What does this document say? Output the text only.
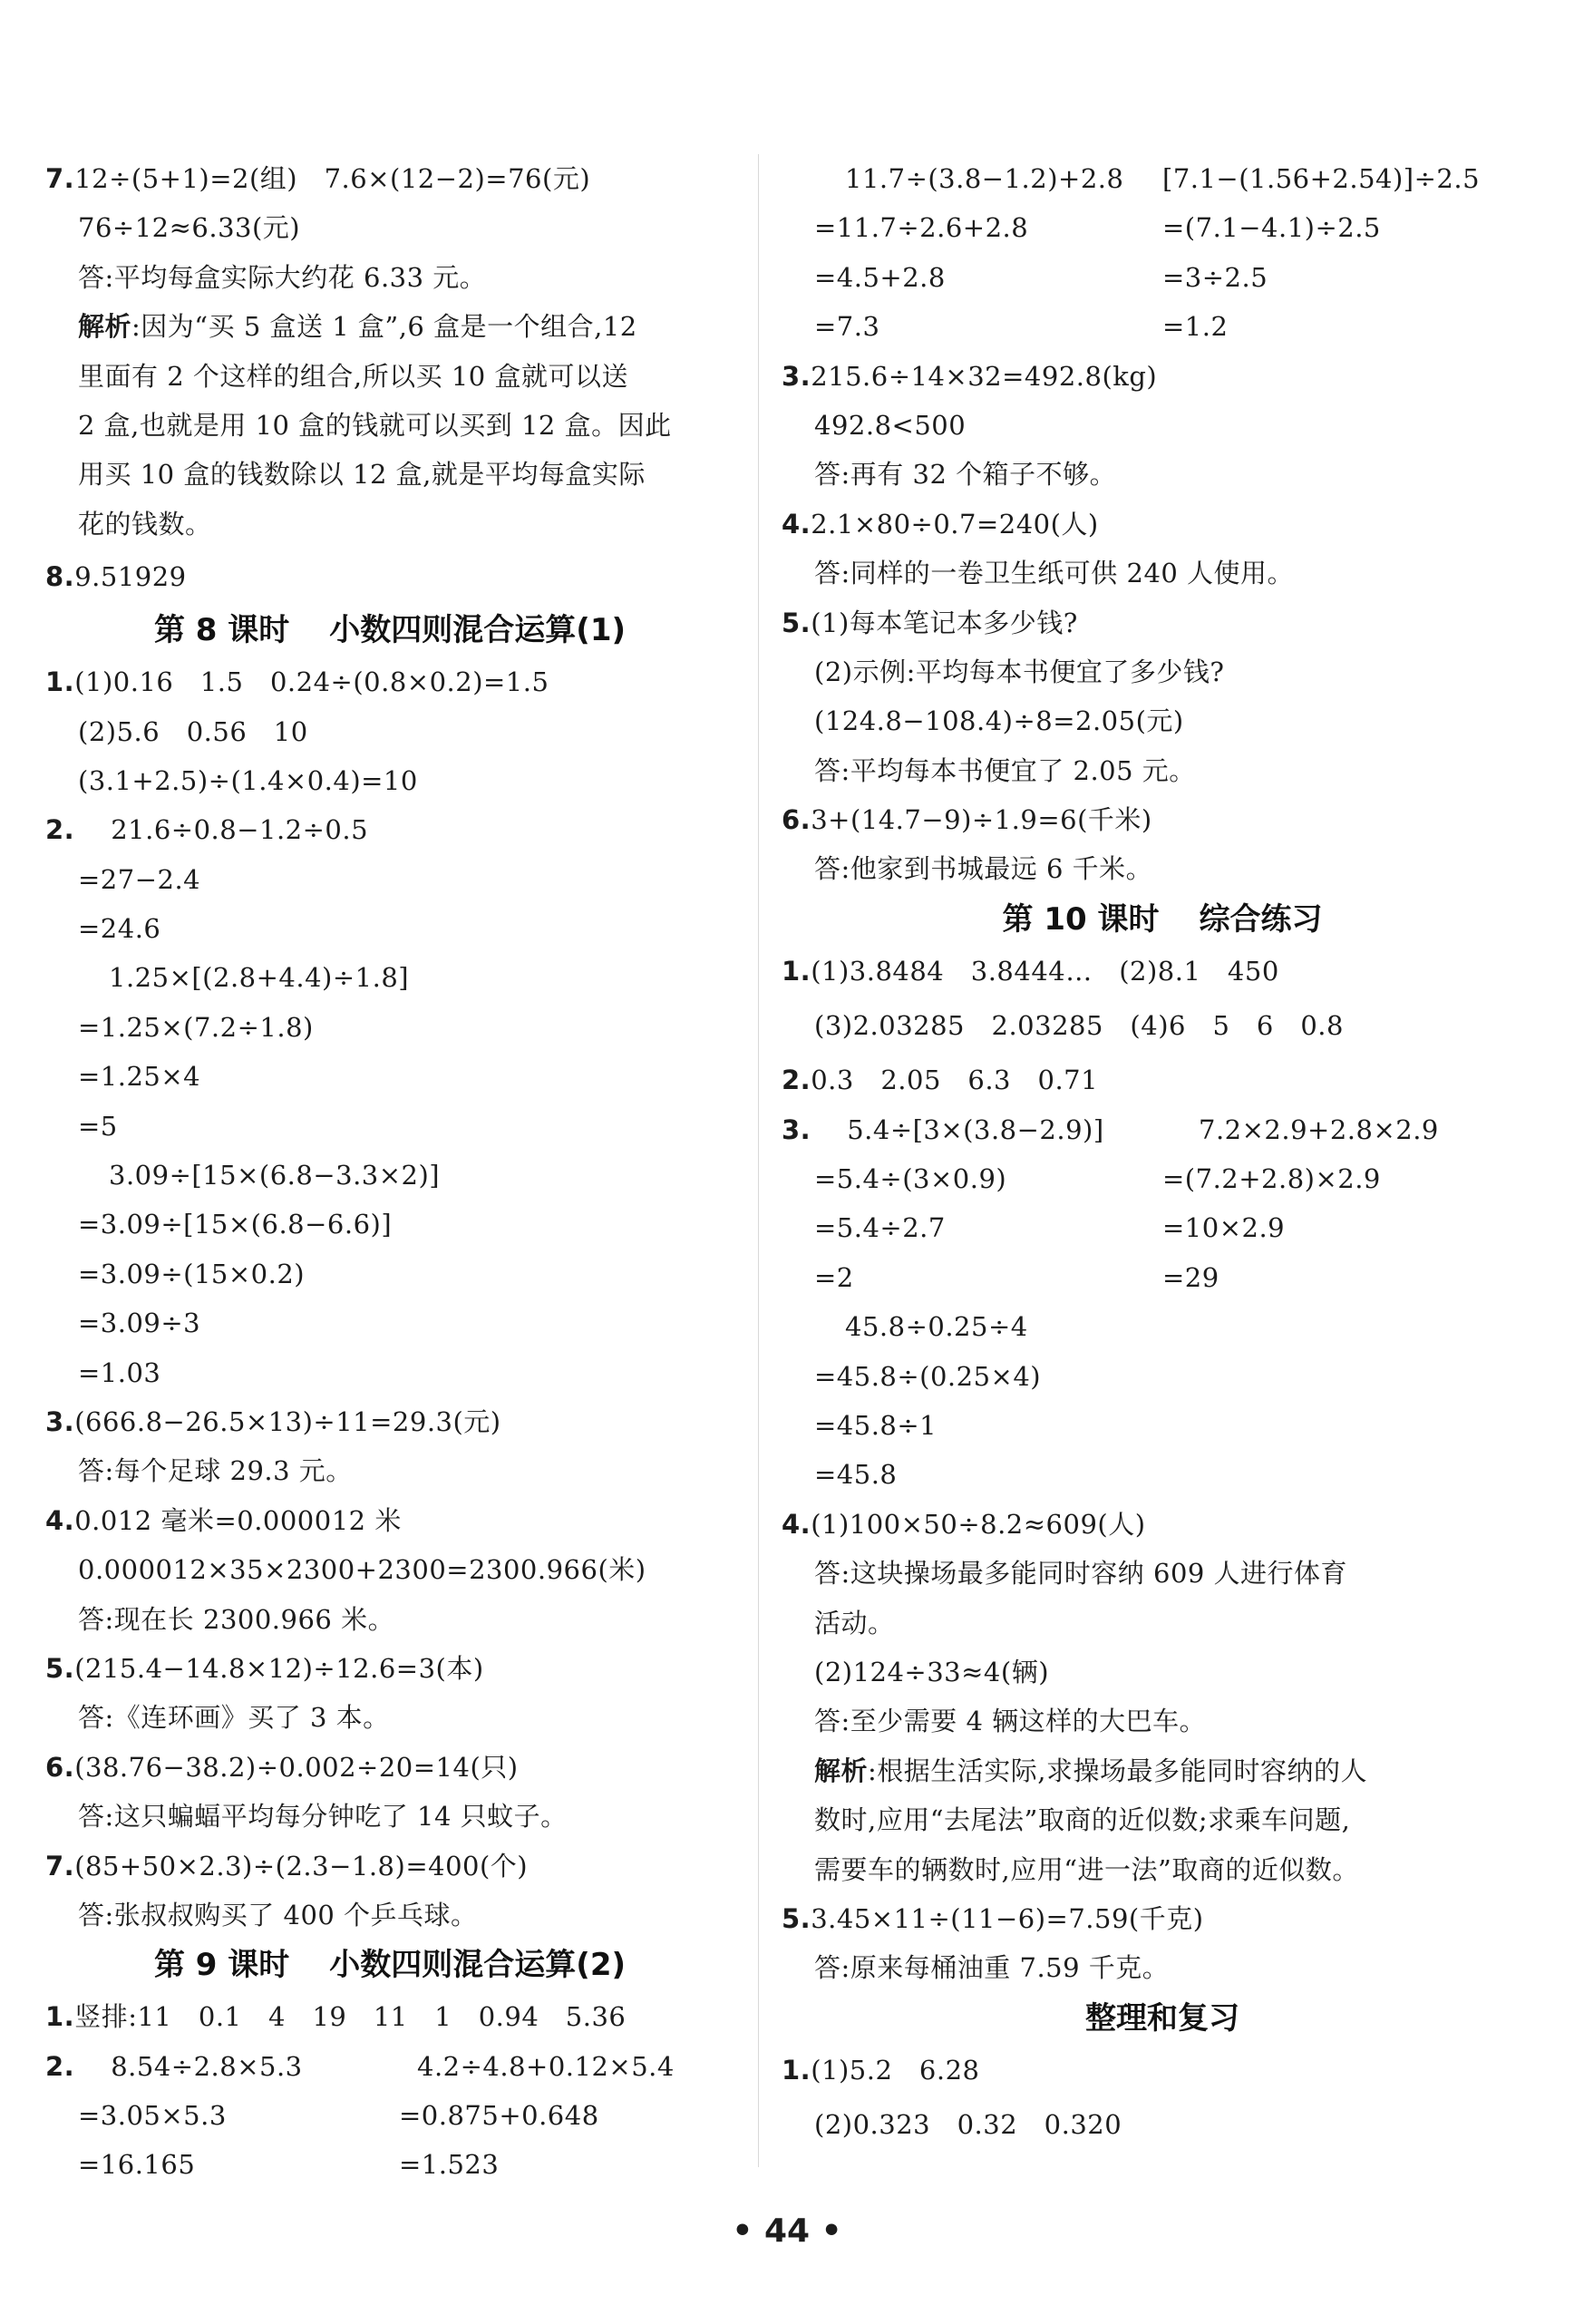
7.12÷(5+1)=2(组)　7.6×(12−2)=76(元)
76÷12≈6.33(元)
答:平均每盒实际大约花 6.33 元。
解析:因为“买 5 盒送 1 盒”,6 盒是一个组合,12
里面有 2 个这样的组合,所以买 10 盒就可以送
2 盒,也就是用 10 盒的钱就可以买到 12 盒。因此
用买 10 盒的钱数除以 12 盒,就是平均每盒实际
花的钱数。
8.9.51929
第 8 课时 小数四则混合运算(1)
1.(1)0.16　1.5　0.24÷(0.8×0.2)=1.5
(2)5.6　0.56　10
(3.1+2.5)÷(1.4×0.4)=10
2. 21.6÷0.8−1.2÷0.5
=27−2.4
=24.6
1.25×[(2.8+4.4)÷1.8]
=1.25×(7.2÷1.8)
=1.25×4
=5
3.09÷[15×(6.8−3.3×2)]
=3.09÷[15×(6.8−6.6)]
=3.09÷(15×0.2)
=3.09÷3
=1.03
3.(666.8−26.5×13)÷11=29.3(元)
答:每个足球 29.3 元。
4.0.012 毫米=0.000012 米
0.000012×35×2300+2300=2300.966(米)
答:现在长 2300.966 米。
5.(215.4−14.8×12)÷12.6=3(本)
答:《连环画》买了 3 本。
6.(38.76−38.2)÷0.002÷20=14(只)
答:这只蝙蝠平均每分钟吃了 14 只蚊子。
7.(85+50×2.3)÷(2.3−1.8)=400(个)
答:张叔叔购买了 400 个乒乓球。
第 9 课时 小数四则混合运算(2)
1.竖排:11　0.1　4　19　11　1　0.94　5.36
2. 8.54÷2.8×5.3
=3.05×5.3
=16.165
4.2÷4.8+0.12×5.4
=0.875+0.648
=1.523
11.7÷(3.8−1.2)+2.8
=11.7÷2.6+2.8
=4.5+2.8
=7.3
[7.1−(1.56+2.54)]÷2.5
=(7.1−4.1)÷2.5
=3÷2.5
=1.2
3.215.6÷14×32=492.8(kg)
492.8<500
答:再有 32 个箱子不够。
4.2.1×80÷0.7=240(人)
答:同样的一卷卫生纸可供 240 人使用。
5.(1)每本笔记本多少钱?
(2)示例:平均每本书便宜了多少钱?
(124.8−108.4)÷8=2.05(元)
答:平均每本书便宜了 2.05 元。
6.3+(14.7−9)÷1.9=6(千米)
答:他家到书城最远 6 千米。
第 10 课时 综合练习
1.(1)3.8484　3.8444…　(2)8.1　450
(3)2.03285　2.03285　(4)6　5　6　0.8
2.0.3　2.05　6.3　0.71
3. 5.4÷[3×(3.8−2.9)]
=5.4÷(3×0.9)
=5.4÷2.7
=2
7.2×2.9+2.8×2.9
=(7.2+2.8)×2.9
=10×2.9
=29
45.8÷0.25÷4
=45.8÷(0.25×4)
=45.8÷1
=45.8
4.(1)100×50÷8.2≈609(人)
答:这块操场最多能同时容纳 609 人进行体育
活动。
(2)124÷33≈4(辆)
答:至少需要 4 辆这样的大巴车。
解析:根据生活实际,求操场最多能同时容纳的人
数时,应用“去尾法”取商的近似数;求乘车问题,
需要车的辆数时,应用“进一法”取商的近似数。
5.3.45×11÷(11−6)=7.59(千克)
答:原来每桶油重 7.59 千克。
整理和复习
1.(1)5.2　6.28
(2)0.323　0.32　0.320
• 44 •
